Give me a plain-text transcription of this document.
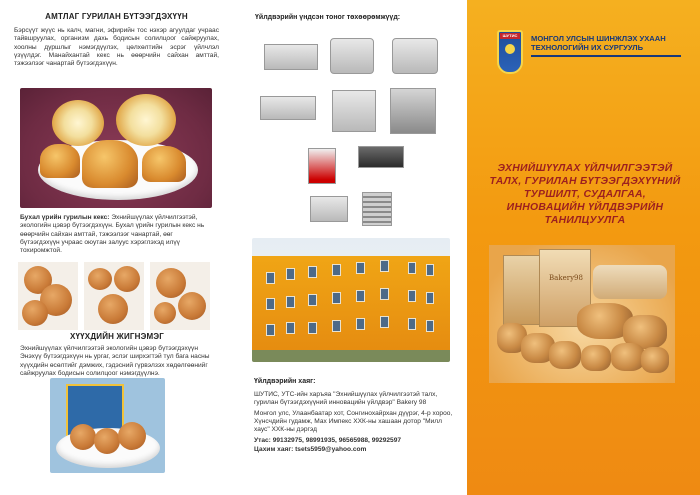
АМТЛАГ ГУРИЛАН БҮТЭЭГДЭХҮҮН

Бэрсүүт жүүс нь калч, магни, эфирийн тос нэхэр агуулдаг учраас тайвшруулах, организм дахь бодисын солилцоог сайжруулах, хоолны дуршлыг нэмэгдүүлэх, цөлхөлтийн эсрэг үйлчлэл үзүүлдэг. Манайхантай кекс нь өөөрчийн сайхан амттай, тэжээлээг чанартай бүтээгдэхүүн.

Бухал үрийн гурилын кекс: Эхнийшүүлах үйлчилгээтэй, экологийн цэвэр бүтээгдэхүүн. Бухал үрийн гурилын кекс нь өөөрчийн сайхан амттай, тэжээлээг чанартай, өөг бүтээгдэхүүн учраас оюутан залуус хэрэглэхэд илүү тохиромжтой.

ХҮҮХДИЙН ЖИГНЭМЭГ

Эхнийшүүлах үйлчилгээтэй экологийн цэвэр бүтээгдэхүүн Энэхүү бүтээгдэхүүн нь ургаг, эслэг ширхэгтэй тул бага насны хүүхдийн өсөлтийг дэмжих, гэдэсний гүрвэлзэх хөдөлгөөнийг сайжруулах бодисын солилцоог нэмэгдүүлнэ.

Үйлдвэрийн үндсэн тоног төхөөрөмжүүд:
Үйлдвэрийн хаяг:

ШУТИС, УТС-ийн харъяа "Эхнийшүүлах үйлчилгээтэй талх, гурилан бүтээгдэхүүний инновацийн үйлдвэр" Bakery 98

Монгол улс, Улаанбаатар хот, Сонгинохайрхан дүүрэг, 4-р хороо, Хүнсчдийн гудамж, Мах Импекс ХХК-ны хашаан дотор "Милл хаус" ХХК-ны дэргэд

Утас: 99132975, 98991935, 96565988, 99292597

Цахим хаяг: tsets5959@yahoo.com

ШУТИС	МОНГОЛ УЛСЫН ШИНЖЛЭХ УХААН ТЕХНОЛОГИЙН ИХ СУРГУУЛЬ
ЭХНИЙШҮҮЛАХ ҮЙЛЧИЛГЭЭТЭЙ ТАЛХ, ГУРИЛАН БҮТЭЭГДЭХҮҮНИЙ ТУРШИЛТ, СУДАЛГАА, ИННОВАЦИЙН ҮЙЛДВЭРИЙН ТАНИЛЦУУЛГА
Bakery98
